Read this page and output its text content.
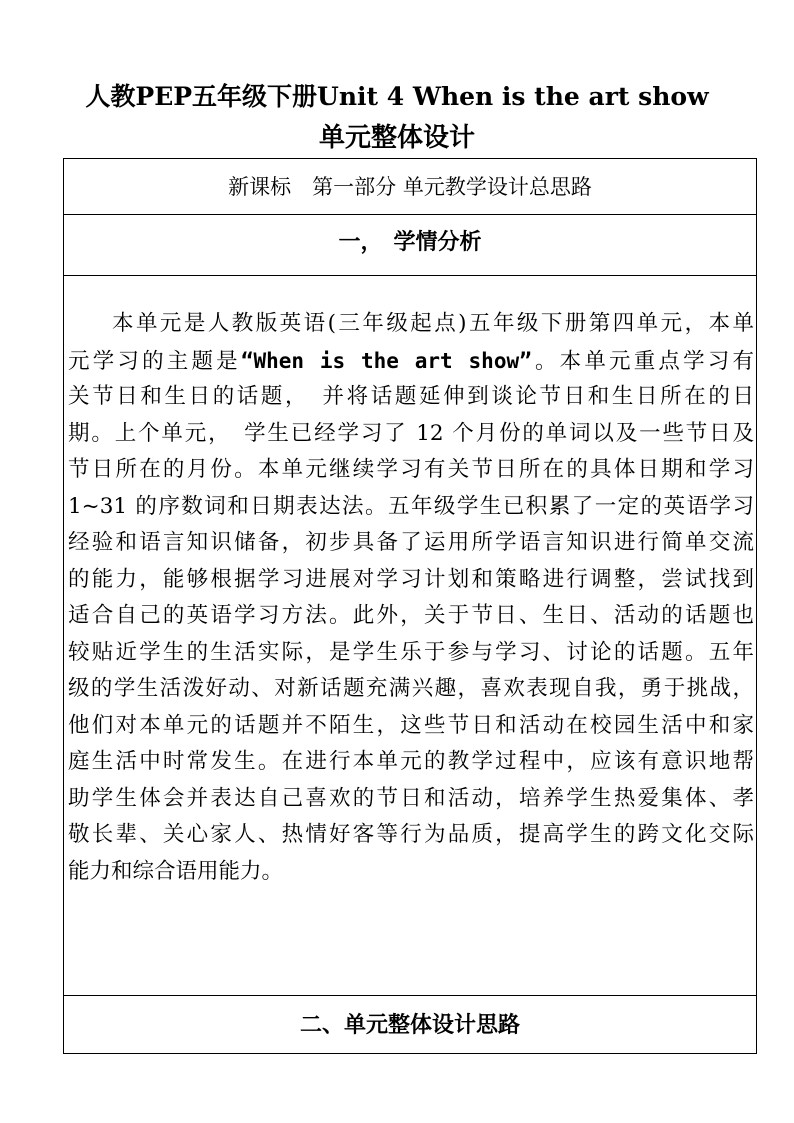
人教PEP五年级下册Unit 4 When is the art show
单元整体设计
新课标　第一部分 单元教学设计总思路
一，　学情分析
本单元是人教版英语(三年级起点)五年级下册第四单元，本单
元学习的主题是“When is the art show”。本单元重点学习有
关节日和生日的话题，　并将话题延伸到谈论节日和生日所在的日
期。上个单元，　学生已经学习了 12 个月份的单词以及一些节日及
节日所在的月份。本单元继续学习有关节日所在的具体日期和学习
1~31 的序数词和日期表达法。五年级学生已积累了一定的英语学习
经验和语言知识储备，初步具备了运用所学语言知识进行简单交流
的能力，能够根据学习进展对学习计划和策略进行调整，尝试找到
适合自己的英语学习方法。此外，关于节日、生日、活动的话题也
较贴近学生的生活实际，是学生乐于参与学习、讨论的话题。五年
级的学生活泼好动、对新话题充满兴趣，喜欢表现自我，勇于挑战，
他们对本单元的话题并不陌生，这些节日和活动在校园生活中和家
庭生活中时常发生。在进行本单元的教学过程中，应该有意识地帮
助学生体会并表达自己喜欢的节日和活动，培养学生热爱集体、孝
敬长辈、关心家人、热情好客等行为品质，提高学生的跨文化交际
能力和综合语用能力。
二、单元整体设计思路
